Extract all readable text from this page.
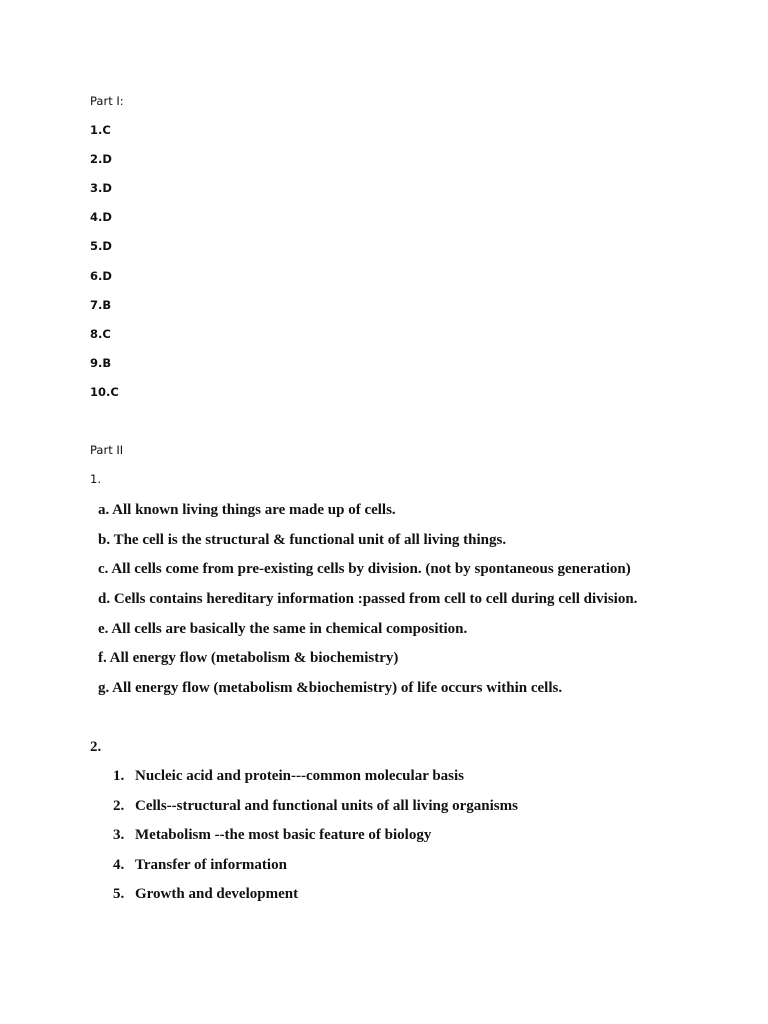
Part I:
1.C
2.D
3.D
4.D
5.D
6.D
7.B
8.C
9.B
10.C
Part II
1.
a. All known living things are made up of cells.
b. The cell is the structural & functional unit of all living things.
c. All cells come from pre-existing cells by division. (not by spontaneous generation)
d. Cells contains hereditary information :passed from cell to cell during cell division.
e. All cells are basically the same in chemical composition.
f. All energy flow (metabolism & biochemistry)
g. All energy flow (metabolism &biochemistry) of life occurs within cells.
2.
1. Nucleic acid and protein---common molecular basis
2. Cells--structural and functional units of all living organisms
3. Metabolism --the most basic feature of biology
4. Transfer of information
5. Growth and development
